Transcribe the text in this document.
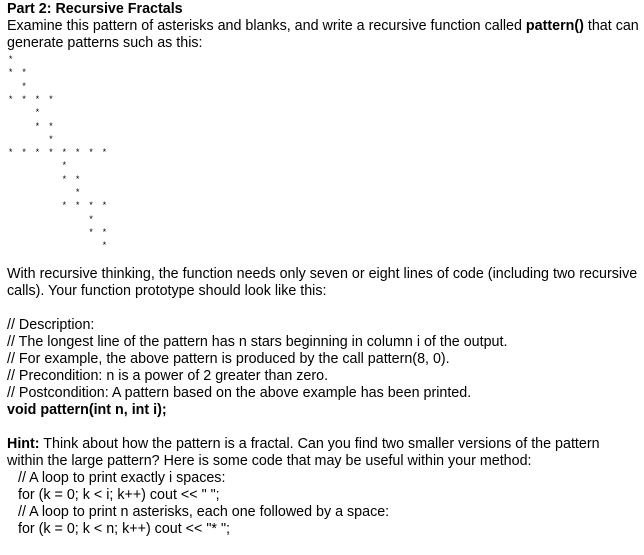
Part 2: Recursive Fractals

Examine this pattern of asterisks and blanks, and write a recursive function called pattern() that can generate patterns such as this:

*
* *
*
* * * *
*
* *
*
* * * * * * * *
*
* *
*
* * * *
*
* *
*

With recursive thinking, the function needs only seven or eight lines of code (including two recursive calls). Your function prototype should look like this:

// Description:

// The longest line of the pattern has n stars beginning in column i of the output.

// For example, the above pattern is produced by the call pattern(8, 0).

// Precondition: n is a power of 2 greater than zero.

// Postcondition: A pattern based on the above example has been printed.

void pattern(int n, int i);

Hint: Think about how the pattern is a fractal. Can you find two smaller versions of the pattern within the large pattern? Here is some code that may be useful within your method:

// A loop to print exactly i spaces:

for (k = 0; k < i; k++) cout << " ";

// A loop to print n asterisks, each one followed by a space:

for (k = 0; k < n; k++) cout << "* ";
